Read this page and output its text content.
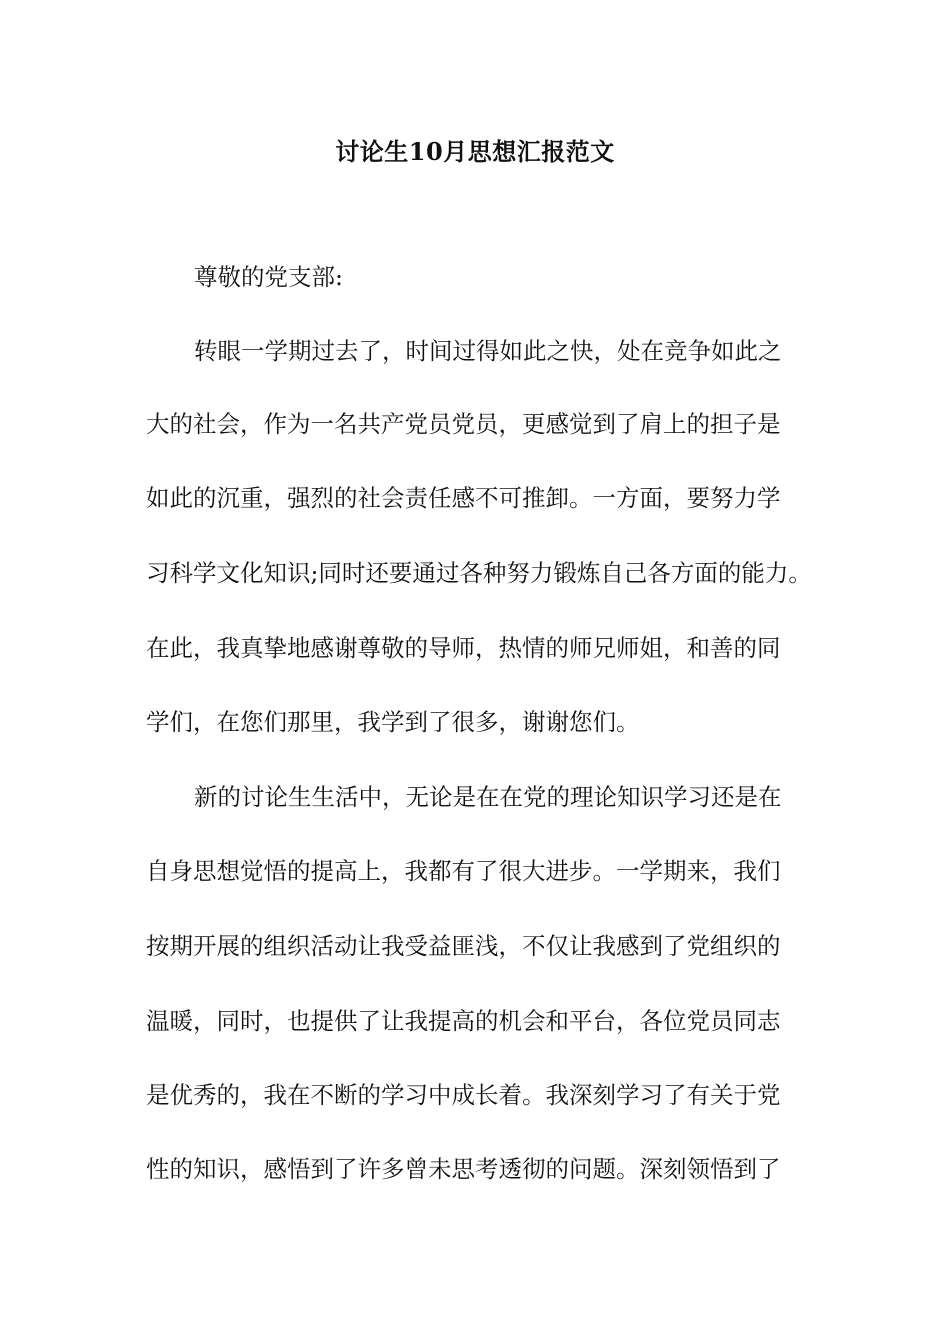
讨论生10月思想汇报范文
尊敬的党支部:
转眼一学期过去了，时间过得如此之快，处在竞争如此之
大的社会，作为一名共产党员党员，更感觉到了肩上的担子是
如此的沉重，强烈的社会责任感不可推卸。一方面，要努力学
习科学文化知识;同时还要通过各种努力锻炼自己各方面的能力。
在此，我真挚地感谢尊敬的导师，热情的师兄师姐，和善的同
学们，在您们那里，我学到了很多，谢谢您们。
新的讨论生生活中，无论是在在党的理论知识学习还是在
自身思想觉悟的提高上，我都有了很大进步。一学期来，我们
按期开展的组织活动让我受益匪浅，不仅让我感到了党组织的
温暖，同时，也提供了让我提高的机会和平台，各位党员同志
是优秀的，我在不断的学习中成长着。我深刻学习了有关于党
性的知识，感悟到了许多曾未思考透彻的问题。深刻领悟到了
